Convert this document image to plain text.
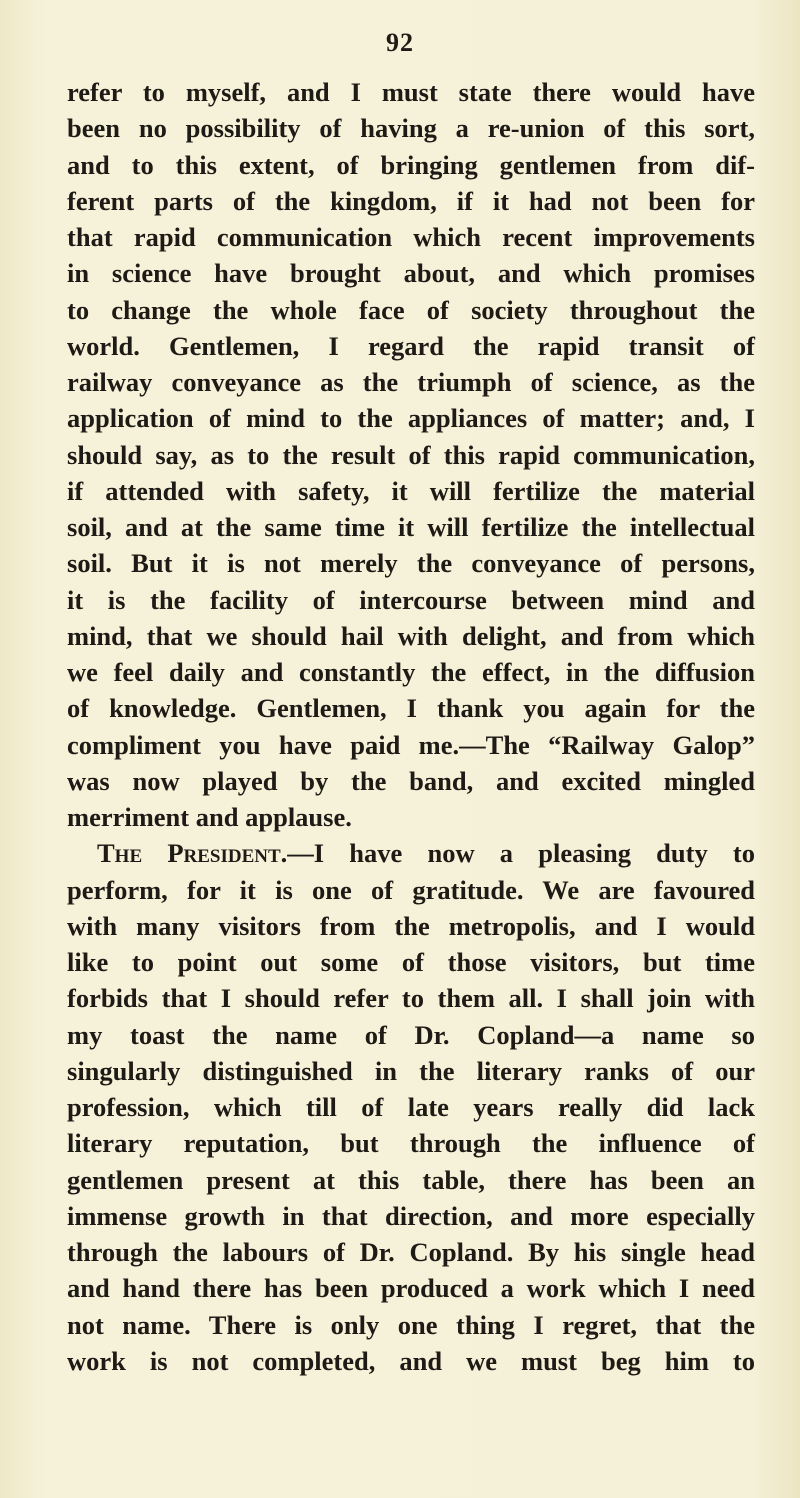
92
refer to myself, and I must state there would have
been no possibility of having a re-union of this sort,
and to this extent, of bringing gentlemen from dif-
ferent parts of the kingdom, if it had not been for
that rapid communication which recent improvements
in science have brought about, and which promises
to change the whole face of society throughout the
world. Gentlemen, I regard the rapid transit of
railway conveyance as the triumph of science, as the
application of mind to the appliances of matter; and, I
should say, as to the result of this rapid communication,
if attended with safety, it will fertilize the material
soil, and at the same time it will fertilize the intellectual
soil. But it is not merely the conveyance of persons,
it is the facility of intercourse between mind and
mind, that we should hail with delight, and from which
we feel daily and constantly the effect, in the diffusion
of knowledge. Gentlemen, I thank you again for the
compliment you have paid me.—The “Railway Galop”
was now played by the band, and excited mingled
merriment and applause.
The President.—I have now a pleasing duty to
perform, for it is one of gratitude. We are favoured
with many visitors from the metropolis, and I would
like to point out some of those visitors, but time
forbids that I should refer to them all. I shall join with
my toast the name of Dr. Copland—a name so
singularly distinguished in the literary ranks of our
profession, which till of late years really did lack
literary reputation, but through the influence of
gentlemen present at this table, there has been an
immense growth in that direction, and more especially
through the labours of Dr. Copland. By his single head
and hand there has been produced a work which I need
not name. There is only one thing I regret, that the
work is not completed, and we must beg him to
